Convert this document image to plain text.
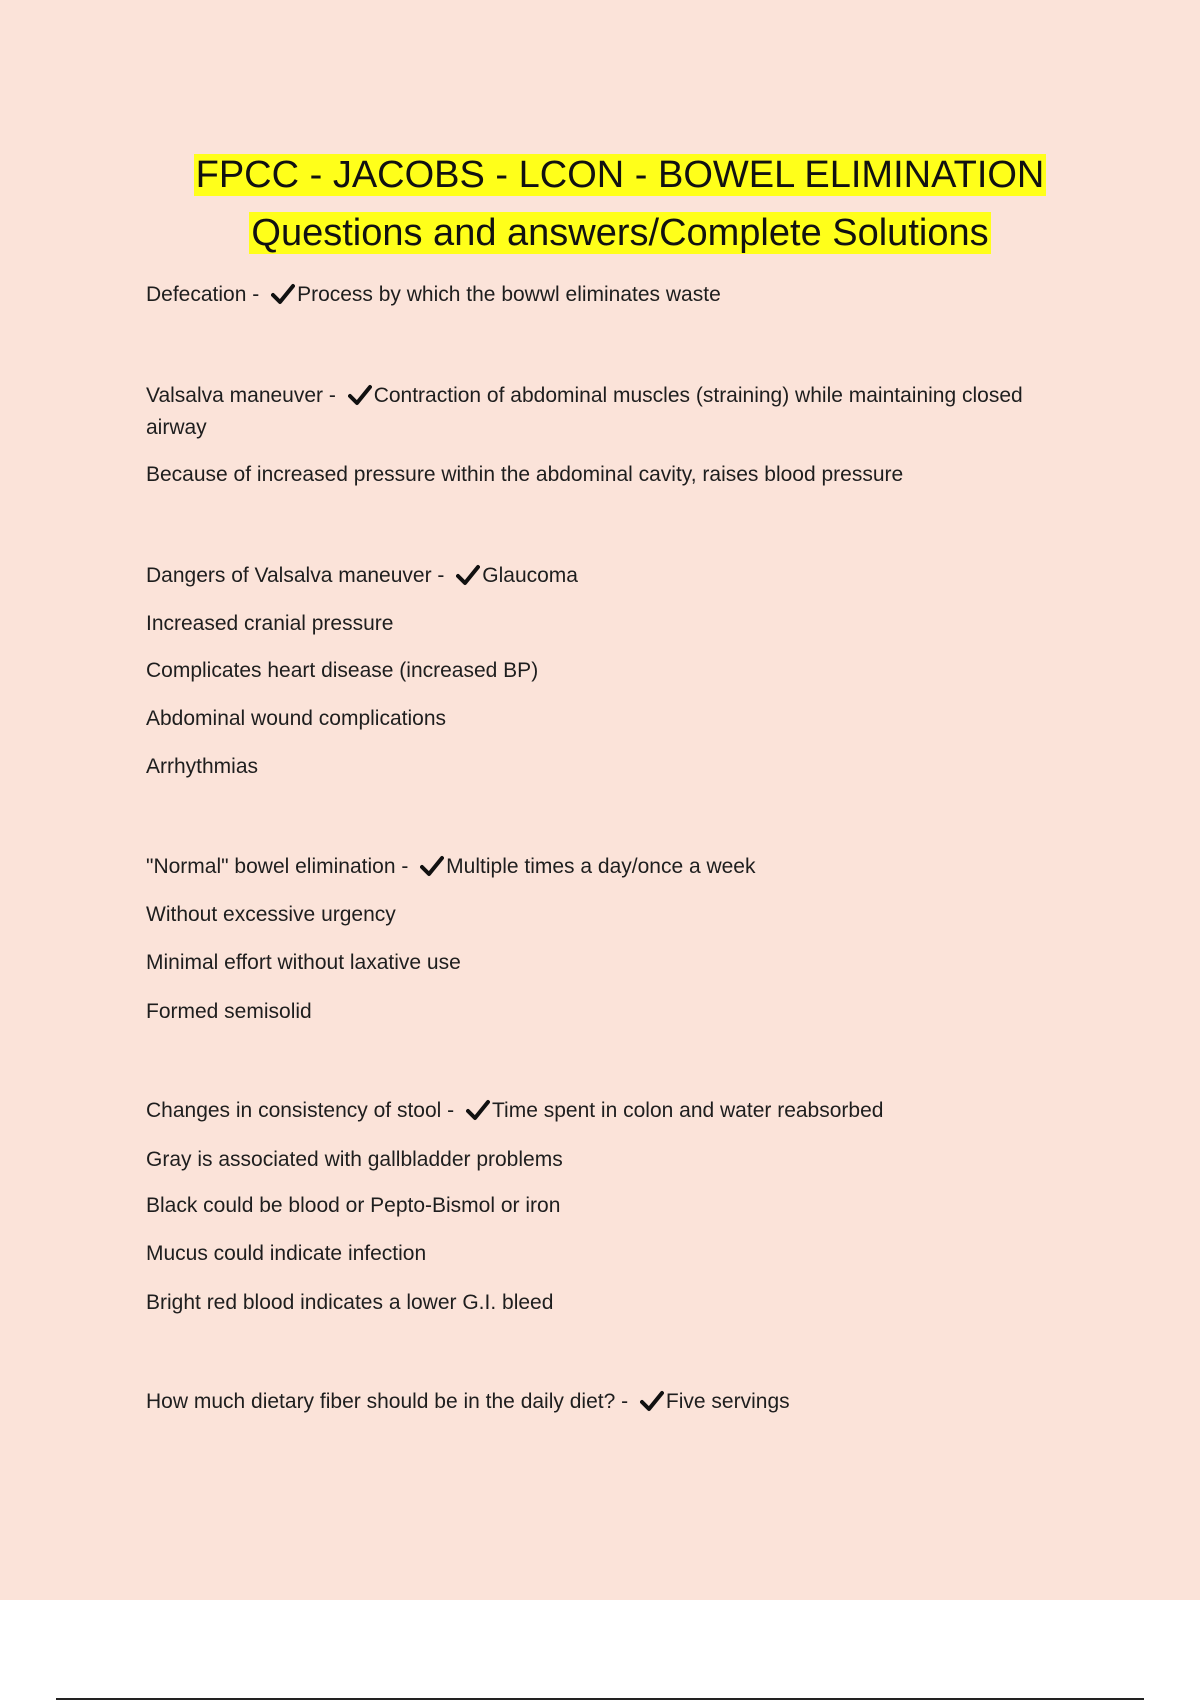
FPCC - JACOBS - LCON - BOWEL ELIMINATION
Questions and answers/Complete Solutions
Defecation -
Process by which the bowwl eliminates waste
Valsalva maneuver -
Contraction of abdominal muscles (straining) while maintaining closed airway
Because of increased pressure within the abdominal cavity, raises blood pressure
Dangers of Valsalva maneuver -
Glaucoma
Increased cranial pressure
Complicates heart disease (increased BP)
Abdominal wound complications
Arrhythmias
"Normal" bowel elimination -
Multiple times a day/once a week
Without excessive urgency
Minimal effort without laxative use
Formed semisolid
Changes in consistency of stool -
Time spent in colon and water reabsorbed
Gray is associated with gallbladder problems
Black could be blood or Pepto-Bismol or iron
Mucus could indicate infection
Bright red blood indicates a lower G.I. bleed
How much dietary fiber should be in the daily diet? -
Five servings
